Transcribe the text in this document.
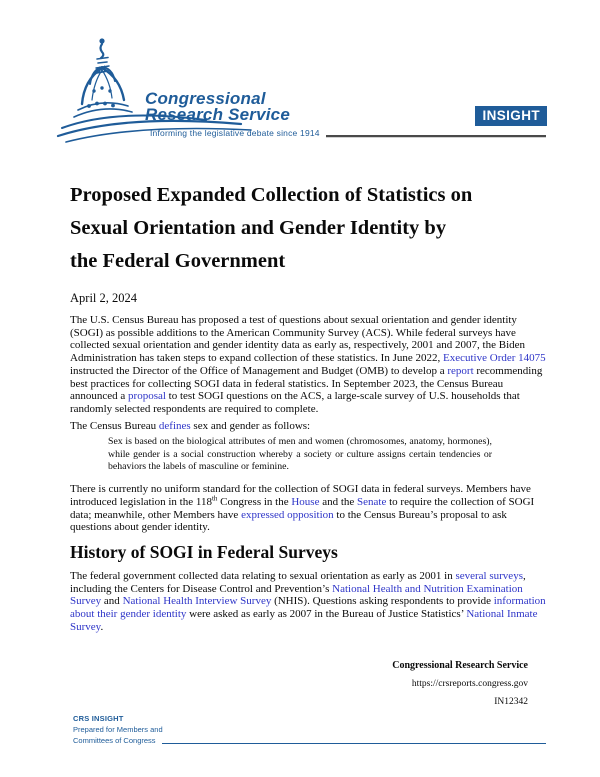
Congressional
Research Service
Informing the legislative debate since 1914
INSIGHT
Proposed Expanded Collection of Statistics on
Sexual Orientation and Gender Identity by
the Federal Government
April 2, 2024

The U.S. Census Bureau has proposed a test of questions about sexual orientation and gender identity (SOGI) as possible additions to the American Community Survey (ACS). While federal surveys have collected sexual orientation and gender identity data as early as, respectively, 2001 and 2007, the Biden Administration has taken steps to expand collection of these statistics. In June 2022, Executive Order 14075 instructed the Director of the Office of Management and Budget (OMB) to develop a report recommending best practices for collecting SOGI data in federal statistics. In September 2023, the Census Bureau announced a proposal to test SOGI questions on the ACS, a large-scale survey of U.S. households that randomly selected respondents are required to complete.

The Census Bureau defines sex and gender as follows:

Sex is based on the biological attributes of men and women (chromosomes, anatomy, hormones), while gender is a social construction whereby a society or culture assigns certain tendencies or behaviors the labels of masculine or feminine.

There is currently no uniform standard for the collection of SOGI data in federal surveys. Members have introduced legislation in the 118th Congress in the House and the Senate to require the collection of SOGI data; meanwhile, other Members have expressed opposition to the Census Bureau’s proposal to ask questions about gender identity.

History of SOGI in Federal Surveys

The federal government collected data relating to sexual orientation as early as 2001 in several surveys, including the Centers for Disease Control and Prevention’s National Health and Nutrition Examination Survey and National Health Interview Survey (NHIS). Questions asking respondents to provide information about their gender identity were asked as early as 2007 in the Bureau of Justice Statistics’ National Inmate Survey.

Congressional Research Service
https://crsreports.congress.gov
IN12342
CRS INSIGHT
Prepared for Members and
Committees of Congress
